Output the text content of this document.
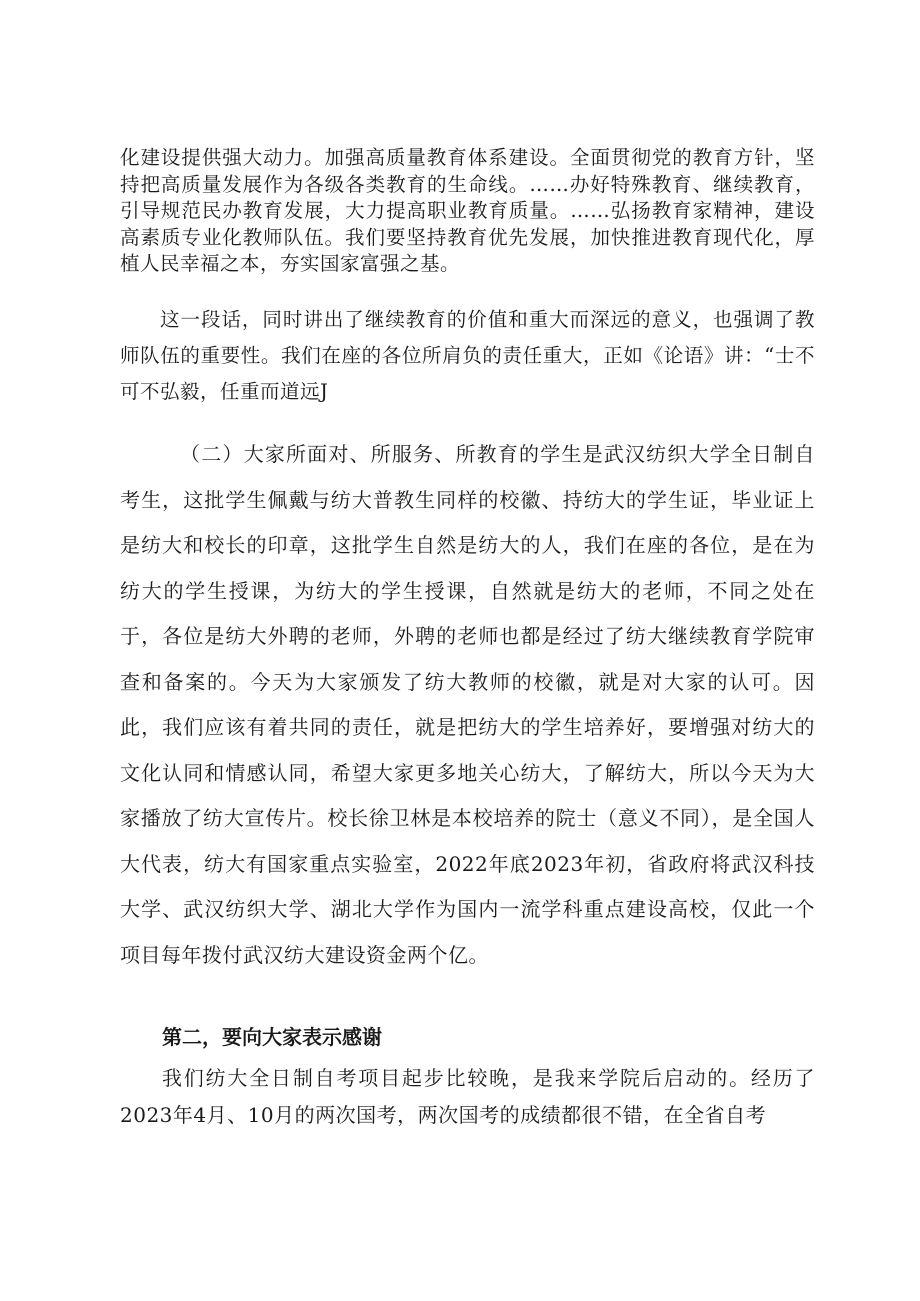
化建设提供强大动力。加强高质量教育体系建设。全面贯彻党的教育方针，坚持把高质量发展作为各级各类教育的生命线。……办好特殊教育、继续教育，引导规范民办教育发展，大力提高职业教育质量。……弘扬教育家精神，建设高素质专业化教师队伍。我们要坚持教育优先发展，加快推进教育现代化，厚植人民幸福之本，夯实国家富强之基。

这一段话，同时讲出了继续教育的价值和重大而深远的意义，也强调了教师队伍的重要性。我们在座的各位所肩负的责任重大，正如《论语》讲：“士不可不弘毅，任重而道远J

（二）大家所面对、所服务、所教育的学生是武汉纺织大学全日制自考生，这批学生佩戴与纺大普教生同样的校徽、持纺大的学生证，毕业证上是纺大和校长的印章，这批学生自然是纺大的人，我们在座的各位，是在为纺大的学生授课，为纺大的学生授课，自然就是纺大的老师，不同之处在于，各位是纺大外聘的老师，外聘的老师也都是经过了纺大继续教育学院审查和备案的。今天为大家颁发了纺大教师的校徽，就是对大家的认可。因此，我们应该有着共同的责任，就是把纺大的学生培养好，要增强对纺大的文化认同和情感认同，希望大家更多地关心纺大，了解纺大，所以今天为大家播放了纺大宣传片。校长徐卫林是本校培养的院士（意义不同），是全国人大代表，纺大有国家重点实验室，2022年底2023年初，省政府将武汉科技大学、武汉纺织大学、湖北大学作为国内一流学科重点建设高校，仅此一个项目每年拨付武汉纺大建设资金两个亿。

第二，要向大家表示感谢

我们纺大全日制自考项目起步比较晚，是我来学院后启动的。经历了2023年4月、10月的两次国考，两次国考的成绩都很不错，在全省自考
